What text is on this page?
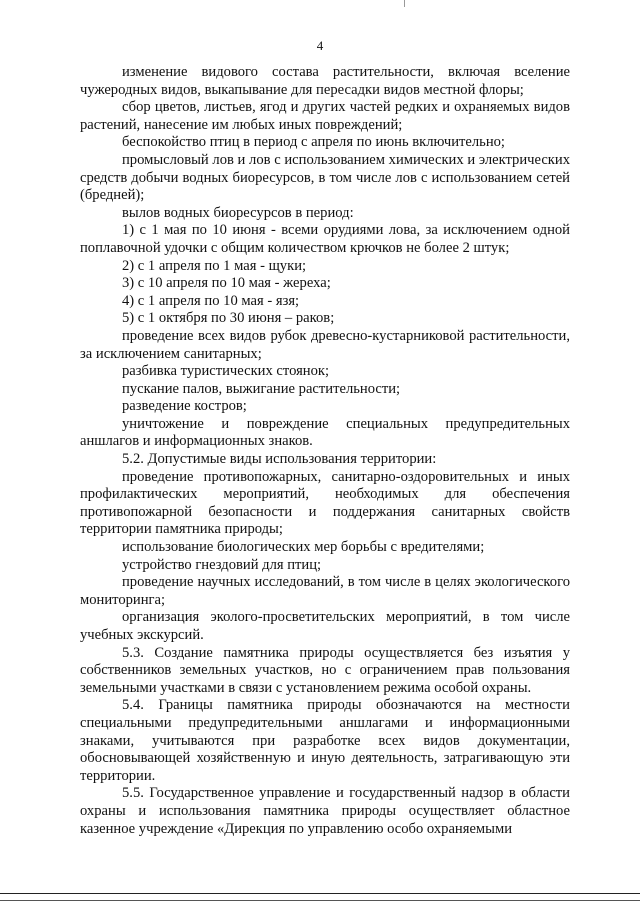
4

изменение видового состава растительности, включая вселение чужеродных видов, выкапывание для пересадки видов местной флоры;

сбор цветов, листьев, ягод и других частей редких и охраняемых видов растений, нанесение им любых иных повреждений;

беспокойство птиц в период с апреля по июнь включительно;

промысловый лов и лов с использованием химических и электрических средств добычи водных биоресурсов, в том числе лов с использованием сетей (бредней);

вылов водных биоресурсов в период:

1) с 1 мая по 10 июня - всеми орудиями лова, за исключением одной поплавочной удочки с общим количеством крючков не более 2 штук;

2) с 1 апреля по 1 мая - щуки;

3) с 10 апреля по 10 мая - жереха;

4) с 1 апреля по 10 мая - язя;

5) с 1 октября по 30 июня – раков;

проведение всех видов рубок древесно-кустарниковой растительности, за исключением санитарных;

разбивка туристических стоянок;

пускание палов, выжигание растительности;

разведение костров;

уничтожение и повреждение специальных предупредительных аншлагов и информационных знаков.

5.2. Допустимые виды использования территории:

проведение противопожарных, санитарно-оздоровительных и иных профилактических мероприятий, необходимых для обеспечения противопожарной безопасности и поддержания санитарных свойств территории памятника природы;

использование биологических мер борьбы с вредителями;

устройство гнездовий для птиц;

проведение научных исследований, в том числе в целях экологического мониторинга;

организация эколого-просветительских мероприятий, в том числе учебных экскурсий.

5.3. Создание памятника природы осуществляется без изъятия у собственников земельных участков, но с ограничением прав пользования земельными участками в связи с установлением режима особой охраны.

5.4. Границы памятника природы обозначаются на местности специальными предупредительными аншлагами и информационными знаками, учитываются при разработке всех видов документации, обосновывающей хозяйственную и иную деятельность, затрагивающую эти территории.

5.5. Государственное управление и государственный надзор в области охраны и использования памятника природы осуществляет областное казенное учреждение «Дирекция по управлению особо охраняемыми
